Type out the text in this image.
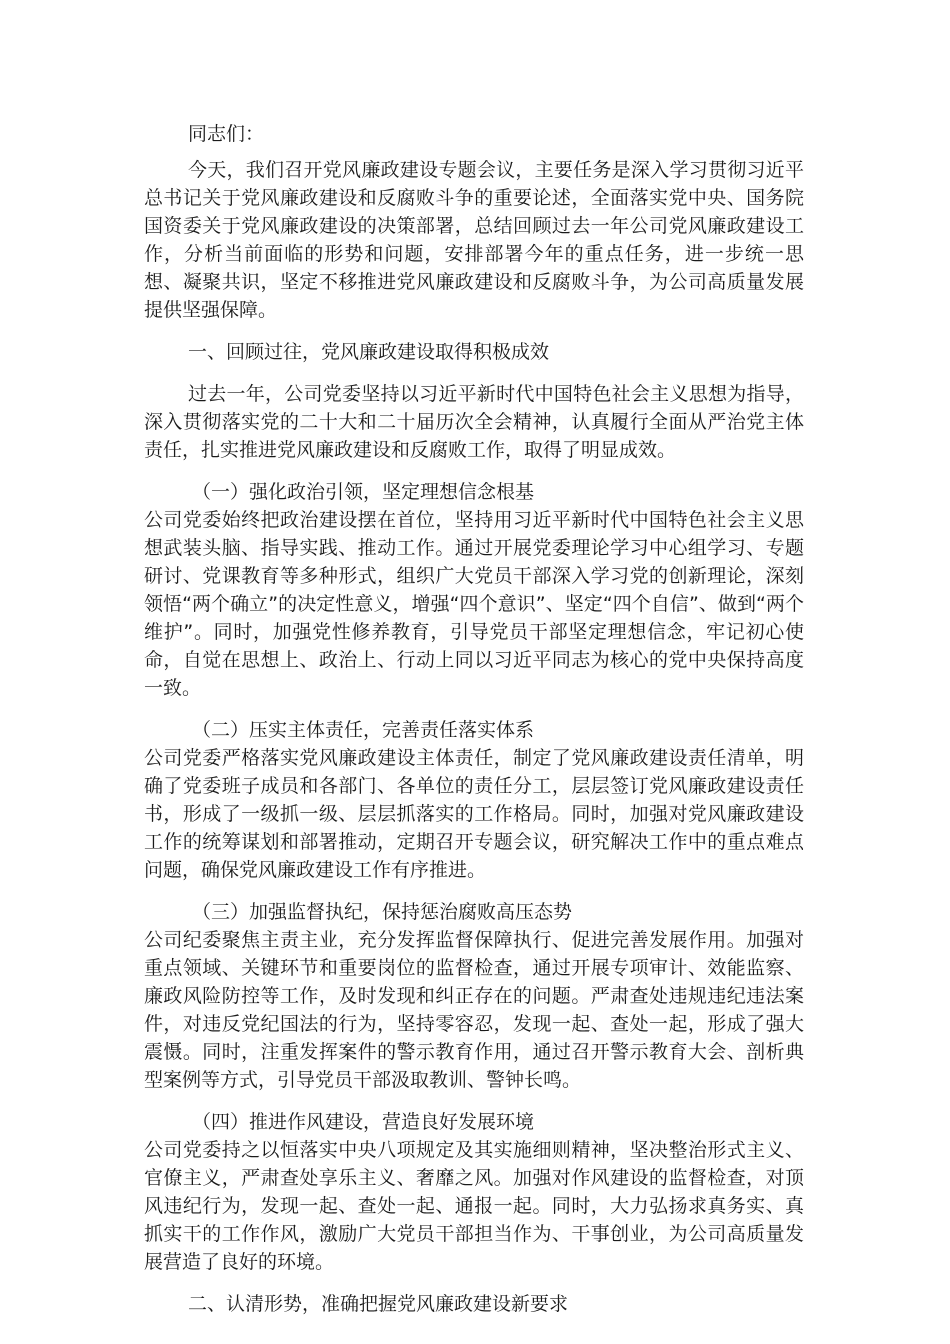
同志们：

今天，我们召开党风廉政建设专题会议，主要任务是深入学习贯彻习近平总书记关于党风廉政建设和反腐败斗争的重要论述，全面落实党中央、国务院国资委关于党风廉政建设的决策部署，总结回顾过去一年公司党风廉政建设工作，分析当前面临的形势和问题，安排部署今年的重点任务，进一步统一思想、凝聚共识，坚定不移推进党风廉政建设和反腐败斗争，为公司高质量发展提供坚强保障。

一、回顾过往，党风廉政建设取得积极成效

过去一年，公司党委坚持以习近平新时代中国特色社会主义思想为指导，深入贯彻落实党的二十大和二十届历次全会精神，认真履行全面从严治党主体责任，扎实推进党风廉政建设和反腐败工作，取得了明显成效。

（一）强化政治引领，坚定理想信念根基

公司党委始终把政治建设摆在首位，坚持用习近平新时代中国特色社会主义思想武装头脑、指导实践、推动工作。通过开展党委理论学习中心组学习、专题研讨、党课教育等多种形式，组织广大党员干部深入学习党的创新理论，深刻领悟“两个确立”的决定性意义，增强“四个意识”、坚定“四个自信”、做到“两个维护”。同时，加强党性修养教育，引导党员干部坚定理想信念，牢记初心使命，自觉在思想上、政治上、行动上同以习近平同志为核心的党中央保持高度一致。

（二）压实主体责任，完善责任落实体系

公司党委严格落实党风廉政建设主体责任，制定了党风廉政建设责任清单，明确了党委班子成员和各部门、各单位的责任分工，层层签订党风廉政建设责任书，形成了一级抓一级、层层抓落实的工作格局。同时，加强对党风廉政建设工作的统筹谋划和部署推动，定期召开专题会议，研究解决工作中的重点难点问题，确保党风廉政建设工作有序推进。

（三）加强监督执纪，保持惩治腐败高压态势

公司纪委聚焦主责主业，充分发挥监督保障执行、促进完善发展作用。加强对重点领域、关键环节和重要岗位的监督检查，通过开展专项审计、效能监察、廉政风险防控等工作，及时发现和纠正存在的问题。严肃查处违规违纪违法案件，对违反党纪国法的行为，坚持零容忍，发现一起、查处一起，形成了强大震慑。同时，注重发挥案件的警示教育作用，通过召开警示教育大会、剖析典型案例等方式，引导党员干部汲取教训、警钟长鸣。

（四）推进作风建设，营造良好发展环境

公司党委持之以恒落实中央八项规定及其实施细则精神，坚决整治形式主义、官僚主义，严肃查处享乐主义、奢靡之风。加强对作风建设的监督检查，对顶风违纪行为，发现一起、查处一起、通报一起。同时，大力弘扬求真务实、真抓实干的工作作风，激励广大党员干部担当作为、干事创业，为公司高质量发展营造了良好的环境。

二、认清形势，准确把握党风廉政建设新要求
